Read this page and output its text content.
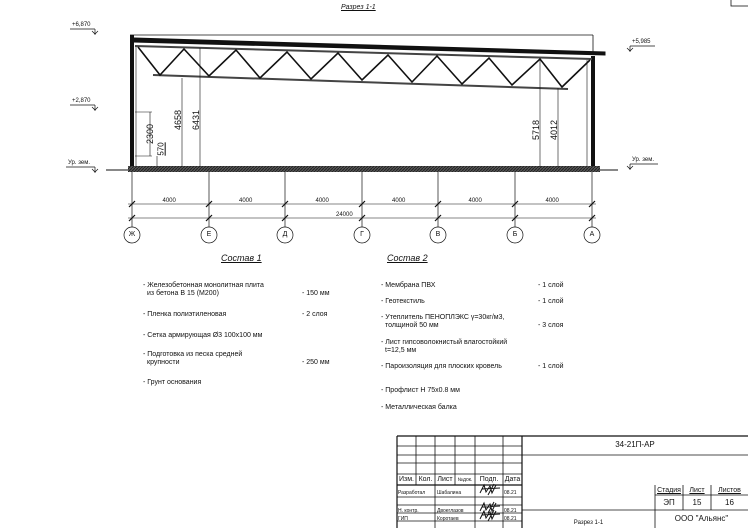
Разрез 1-1
+6,870
+2,870
Ур. зем.
+5,985
Ур. зем.
2300
570
4658 6431	5718 4012
4000	4000	4000	4000	4000	4000
24000
Ж	Е	Д	Г	В	Б	А
Состав 1	Состав 2
- Железобетонная монолитная плита
из бетона В 15 (М200)	- 150 мм
- Пленка полиэтиленовая	- 2 слоя
- Сетка армирующая Ø3 100x100 мм
- Подготовка из песка средней
крупности	- 250 мм
- Грунт основания
- Мембрана ПВХ	- 1 слой
- Геотекстиль	- 1 слой
- Утеплитель ПЕНОПЛЭКС γ=30кг/м3,
толщиной 50 мм	- 3 слоя
- Лист гипсоволокнистый влагостойкий
t=12,5 мм
- Пароизоляция для плоских кровель	- 1 слой
- Профлист Н 75x0.8 мм
- Металлическая балка
34-21П-АР
Изм. Кол. Лист	№док.	Подп. Дата
Разработал Шабалина	08.21
Н. контр.	Двоеглазов	08.21
ГИП	Коротаев	08.21
Стадия	Лист	Листов
ЭП	15	16
Разрез 1-1	ООО "Альянс"
